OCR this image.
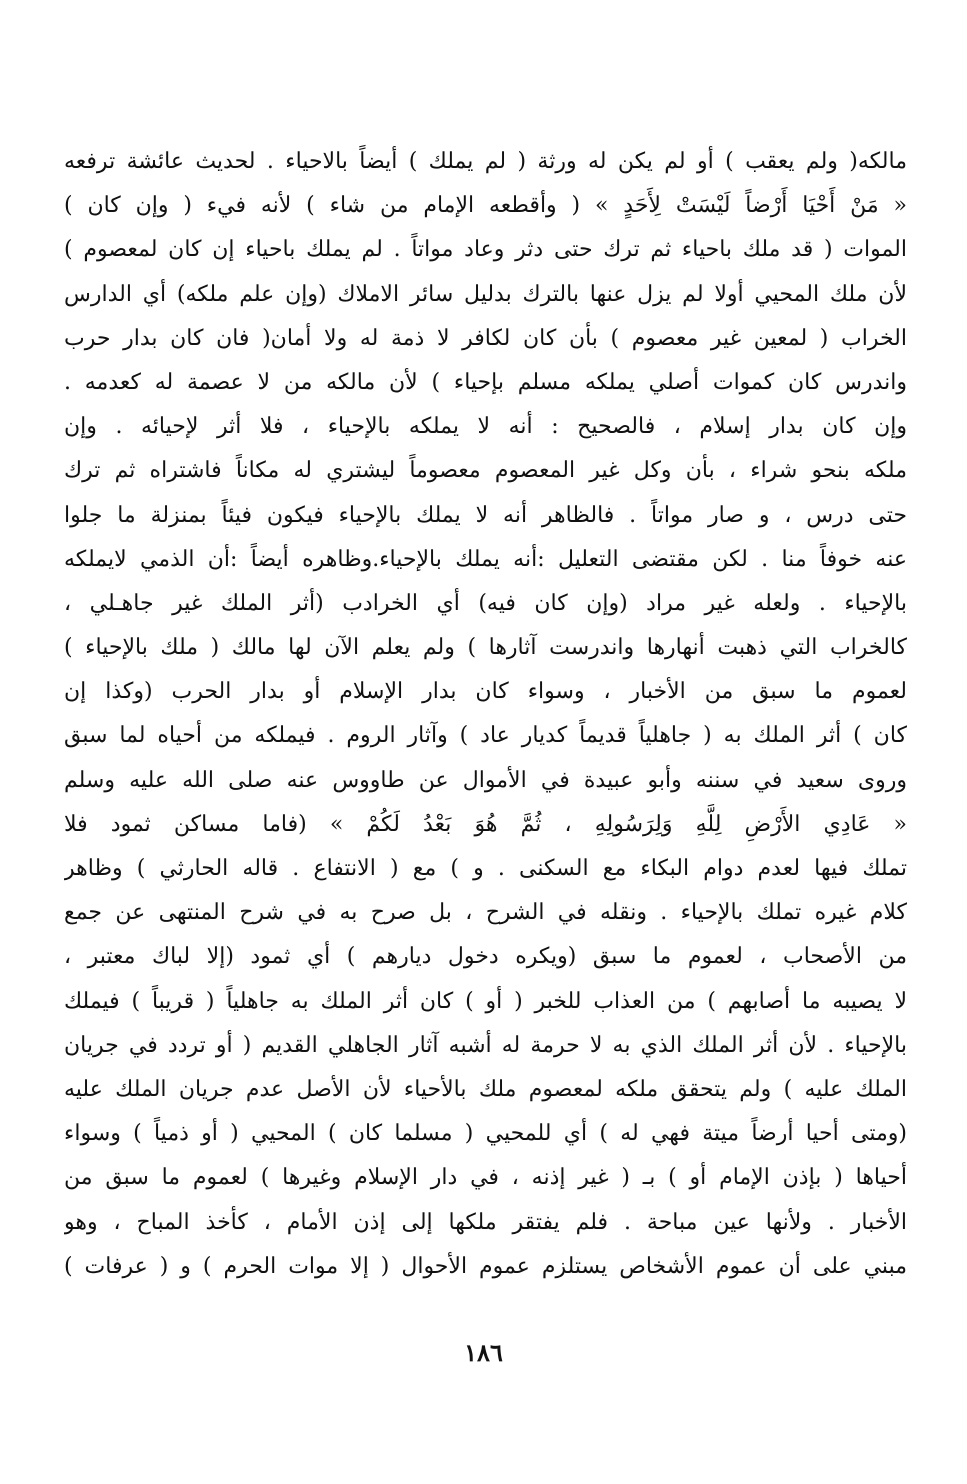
مالكه( ولم يعقب ) أو لم يكن له ورثة ( لم يملك ) أيضاً بالاحياء . لحديث عائشة ترفعه
« مَنْ أَحْيَا أَرْضاً لَيْسَتْ لِأَحَدٍ » ( وأقطعه الإمام من شاء ) لأنه فيء ( وإن كان )
الموات ( قد ملك باحياء ثم ترك حتى دثر وعاد مواتاً . لم يملك باحياء إن كان لمعصوم )
لأن ملك المحيي أولا لم يزل عنها بالترك بدليل سائر الاملاك (وإن علم ملكه) أي الدارس
الخراب ( لمعين غير معصوم ) بأن كان لكافر لا ذمة له ولا أمان( فان كان بدار حرب
واندرس كان كموات أصلي يملكه مسلم بإحياء ) لأن مالكه من لا عصمة له كعدمه .
وإن كان بدار إسلام ، فالصحيح : أنه لا يملكه بالإحياء ، فلا أثر لإحيائه . وإن
ملكه بنحو شراء ، بأن وكل غير المعصوم معصوماً ليشتري له مكاناً فاشتراه ثم ترك
حتى درس ، و صار مواتاً . فالظاهر أنه لا يملك بالإحياء فيكون فيئاً بمنزلة ما جلوا
عنه خوفاً منا . لكن مقتضى التعليل :أنه يملك بالإحياء.وظاهره أيضاً :أن الذمي لايملكه
بالإحياء . ولعله غير مراد (وإن كان فيه) أي الخرادب (أثر الملك غير جاهـلي ،
كالخراب التي ذهبت أنهارها واندرست آثارها ) ولم يعلم الآن لها مالك ( ملك بالإحياء )
لعموم ما سبق من الأخبار ، وسواء كان بدار الإسلام أو بدار الحرب (وكذا إن
كان ) أثر الملك به ( جاهلياً قديماً كديار عاد ) وآثار الروم . فيملكه من أحياه لما سبق
وروى سعيد في سننه وأبو عبيدة في الأموال عن طاووس عنه صلى الله عليه وسلم
« عَادِي الأَرْضِ لِلَّهِ وَلِرَسُولِهِ ، ثُمَّ هُوَ بَعْدُ لَكُمْ » (فاما مساكن ثمود فلا
تملك فيها لعدم دوام البكاء مع السكنى . و ) مع ( الانتفاع . قاله الحارثي ) وظاهر
كلام غيره تملك بالإحياء . ونقله في الشرح ، بل صرح به في شرح المنتهى عن جمع
من الأصحاب ، لعموم ما سبق (ويكره دخول ديارهم ) أي ثمود (إلا لباك معتبر ،
لا يصيبه ما أصابهم ) من العذاب للخبر ( أو ) كان أثر الملك به جاهلياً ( قريباً ) فيملك
بالإحياء . لأن أثر الملك الذي به لا حرمة له أشبه آثار الجاهلي القديم ( أو تردد في جريان
الملك عليه ) ولم يتحقق ملكه لمعصوم ملك بالأحياء لأن الأصل عدم جريان الملك عليه
(ومتى أحيا أرضاً ميتة فهي له ) أي للمحيي ( مسلما كان ) المحيي ( أو ذمياً ) وسواء
أحياها ( بإذن الإمام أو ) بـ ( غير إذنه ، في دار الإسلام وغيرها ) لعموم ما سبق من
الأخبار . ولأنها عين مباحة . فلم يفتقر ملكها إلى إذن الأمام ، كأخذ المباح ، وهو
مبني على أن عموم الأشخاص يستلزم عموم الأحوال ( إلا موات الحرم ) و ( عرفات )
١٨٦
